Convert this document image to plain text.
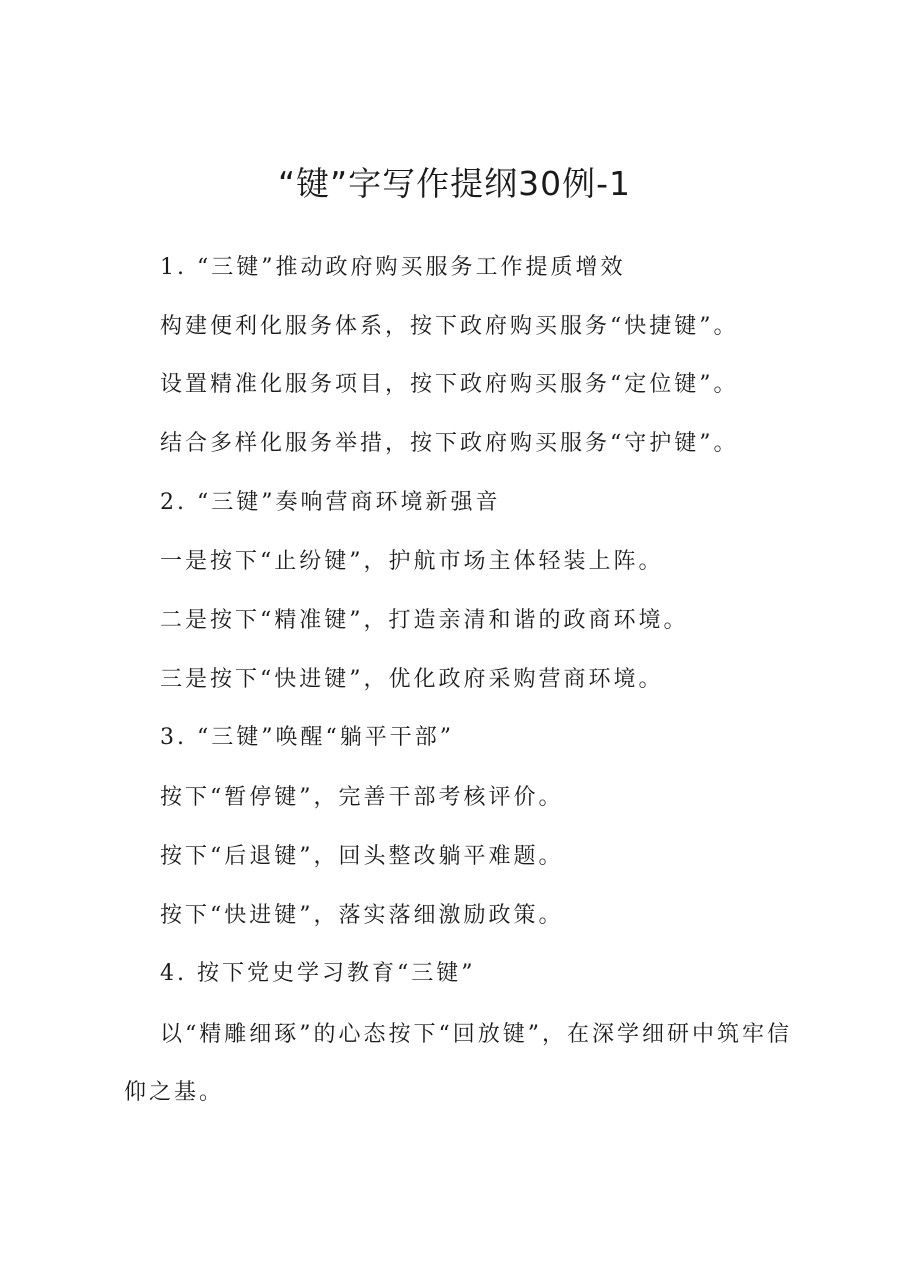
“键”字写作提纲30例-1
1. “三键”推动政府购买服务工作提质增效
构建便利化服务体系，按下政府购买服务“快捷键”。
设置精准化服务项目，按下政府购买服务“定位键”。
结合多样化服务举措，按下政府购买服务“守护键”。
2. “三键”奏响营商环境新强音
一是按下“止纷键”，护航市场主体轻装上阵。
二是按下“精准键”，打造亲清和谐的政商环境。
三是按下“快进键”，优化政府采购营商环境。
3. “三键”唤醒“躺平干部”
按下“暂停键”，完善干部考核评价。
按下“后退键”，回头整改躺平难题。
按下“快进键”，落实落细激励政策。
4. 按下党史学习教育“三键”
以“精雕细琢”的心态按下“回放键”，在深学细研中筑牢信仰之基。
